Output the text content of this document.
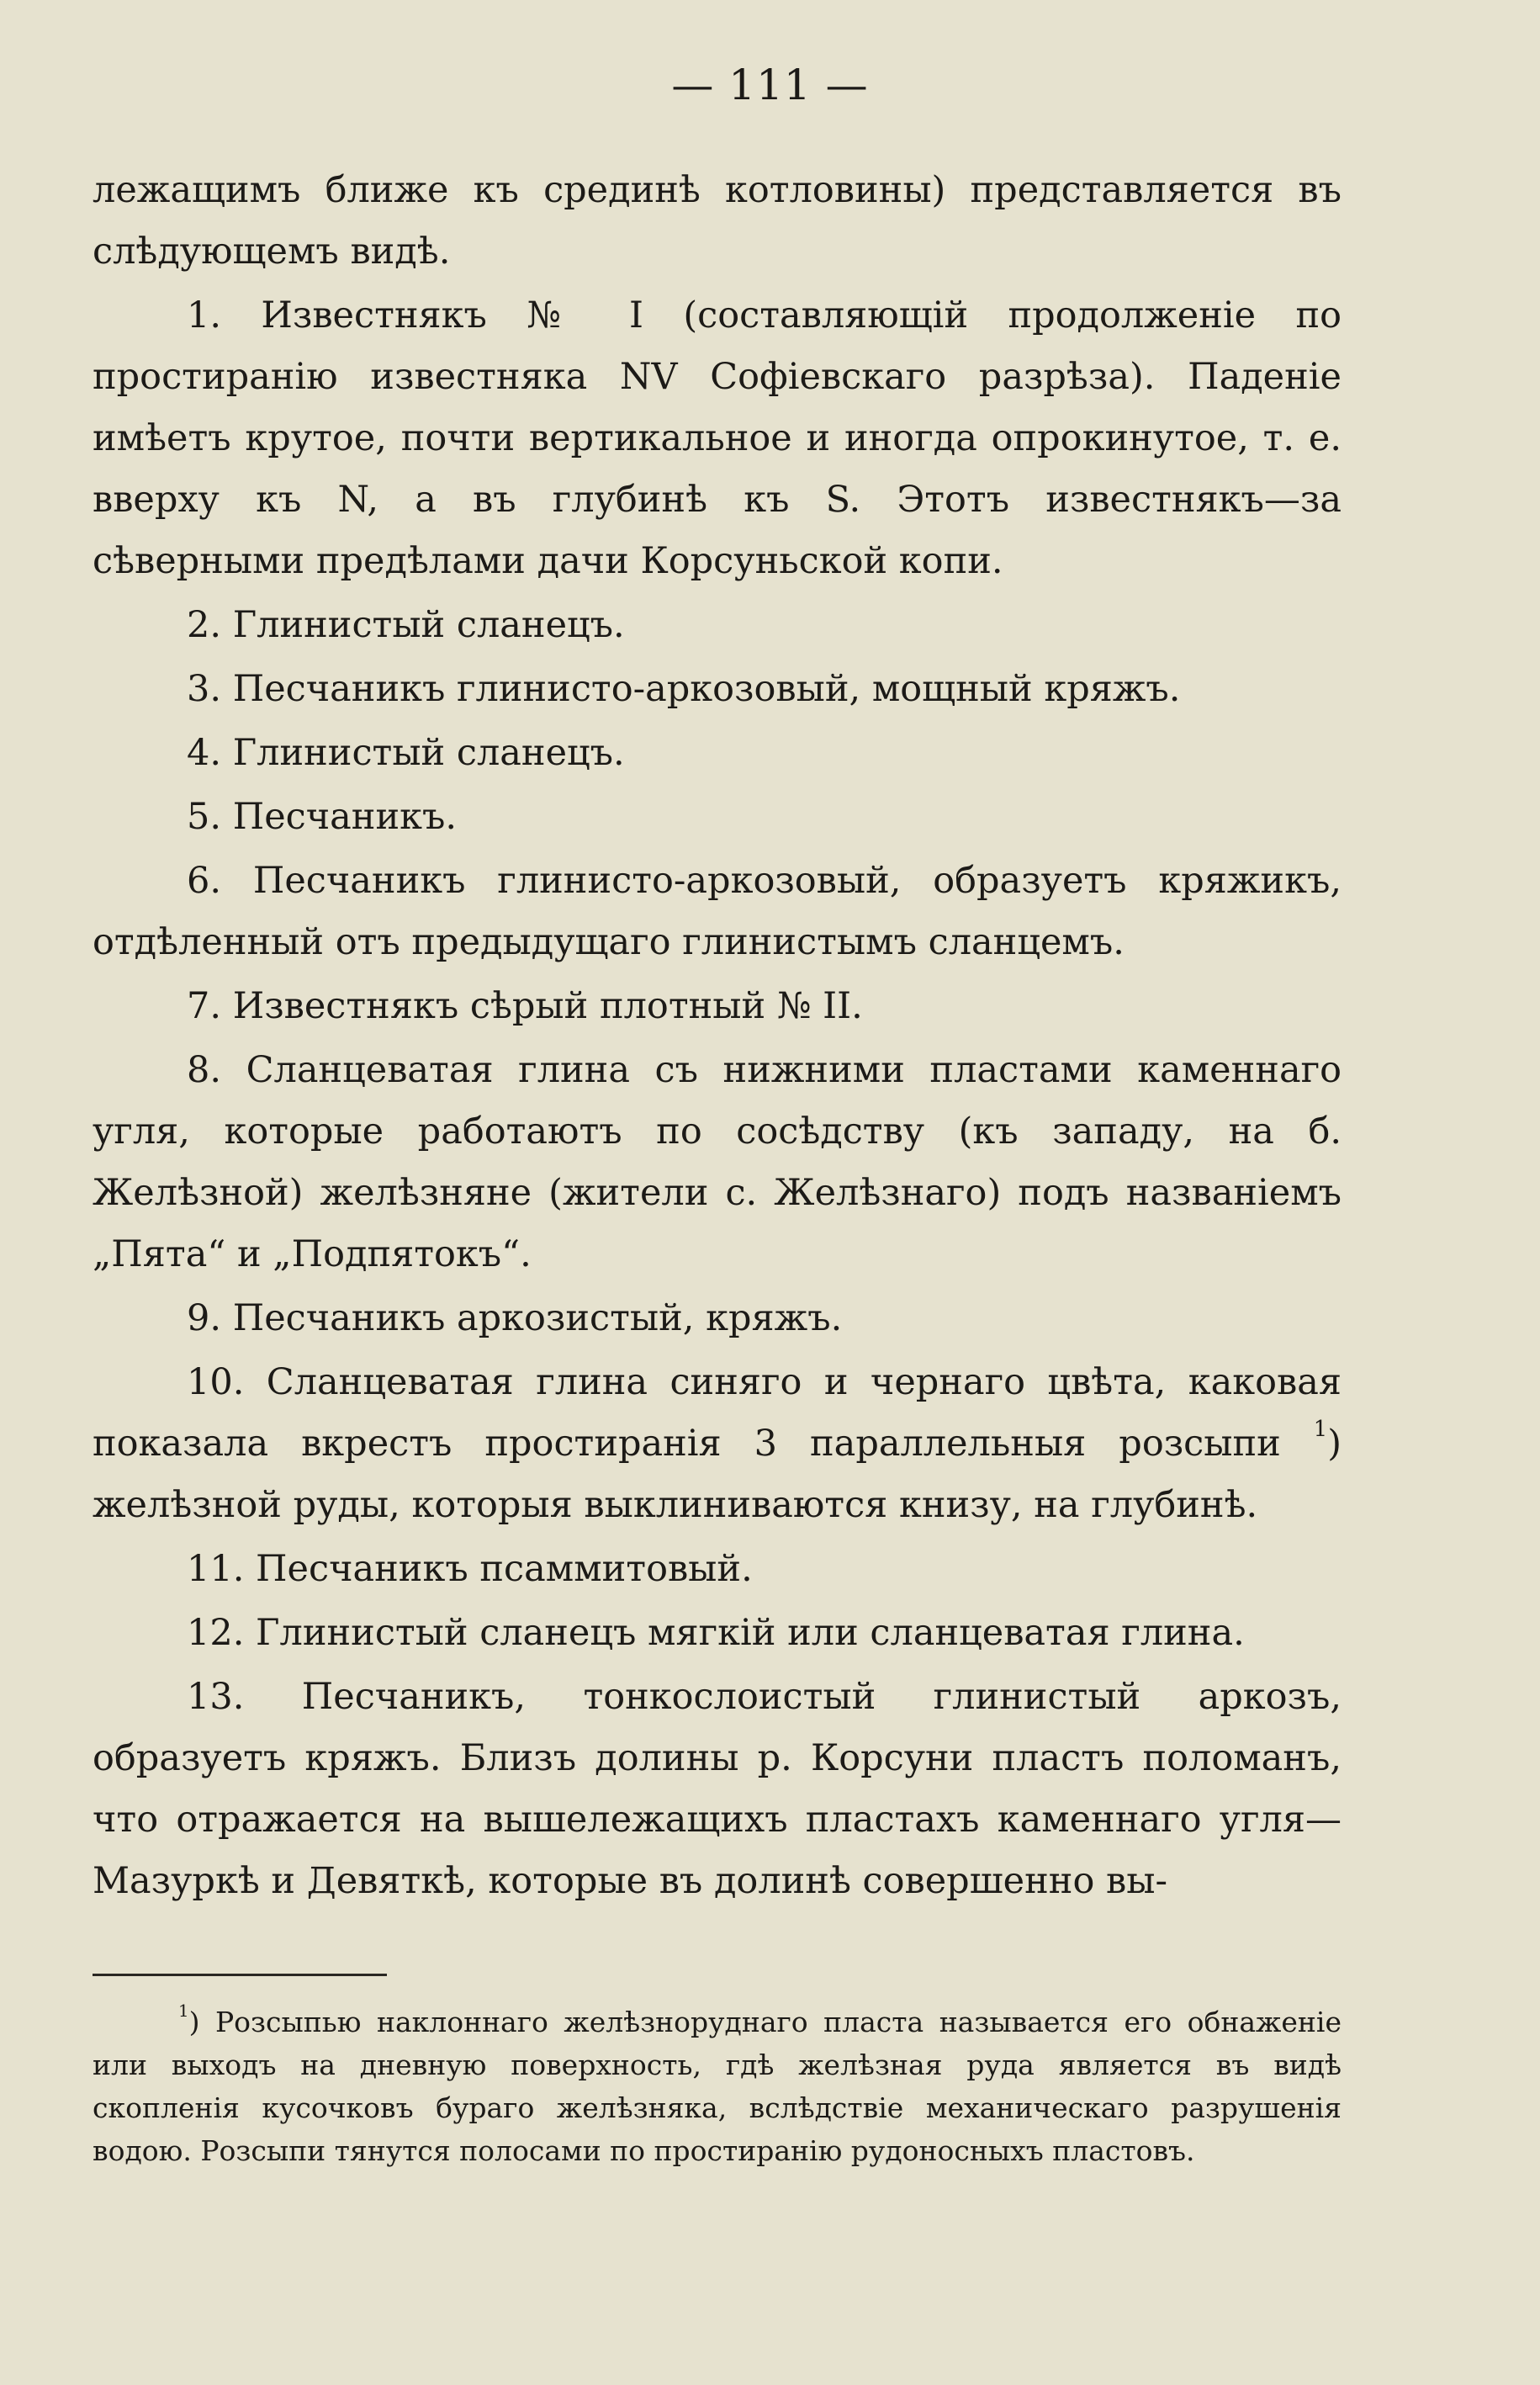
— 111 —

лежащимъ ближе къ срединѣ котловины) представляется въ слѣдующемъ видѣ.

1. Известнякъ № I (составляющій продолженіе по простиранію известняка NV Софіевскаго разрѣза). Паденіе имѣетъ крутое, почти вертикальное и иногда опрокинутое, т. е. вверху къ N, а въ глубинѣ къ S. Этотъ известнякъ—за сѣверными предѣлами дачи Корсуньской копи.

2. Глинистый сланецъ.

3. Песчаникъ глинисто-аркозовый, мощный кряжъ.

4. Глинистый сланецъ.

5. Песчаникъ.

6. Песчаникъ глинисто-аркозовый, образуетъ кряжикъ, отдѣленный отъ предыдущаго глинистымъ сланцемъ.

7. Известнякъ сѣрый плотный № II.

8. Сланцеватая глина съ нижними пластами каменнаго угля, которые работаютъ по сосѣдству (къ западу, на б. Желѣзной) желѣзняне (жители с. Желѣзнаго) подъ названіемъ „Пята“ и „Подпятокъ“.

9. Песчаникъ аркозистый, кряжъ.

10. Сланцеватая глина синяго и чернаго цвѣта, каковая показала вкрестъ простиранія 3 параллельныя розсыпи $^1$) желѣзной руды, которыя выклиниваются книзу, на глубинѣ.

11. Песчаникъ псаммитовый.

12. Глинистый сланецъ мягкій или сланцеватая глина.

13. Песчаникъ, тонкослоистый глинистый аркозъ, образуетъ кряжъ. Близъ долины р. Корсуни пластъ поломанъ, что отражается на вышележащихъ пластахъ каменнаго угля—Мазуркѣ и Девяткѣ, которые въ долинѣ совершенно вы-

$^1$) Розсыпью наклоннаго желѣзноруднаго пласта называется его обнаженіе или выходъ на дневную поверхность, гдѣ желѣзная руда является въ видѣ скопленія кусочковъ бураго желѣзняка, вслѣдствіе механическаго разрушенія водою. Розсыпи тянутся полосами по простиранію рудоносныхъ пластовъ.
